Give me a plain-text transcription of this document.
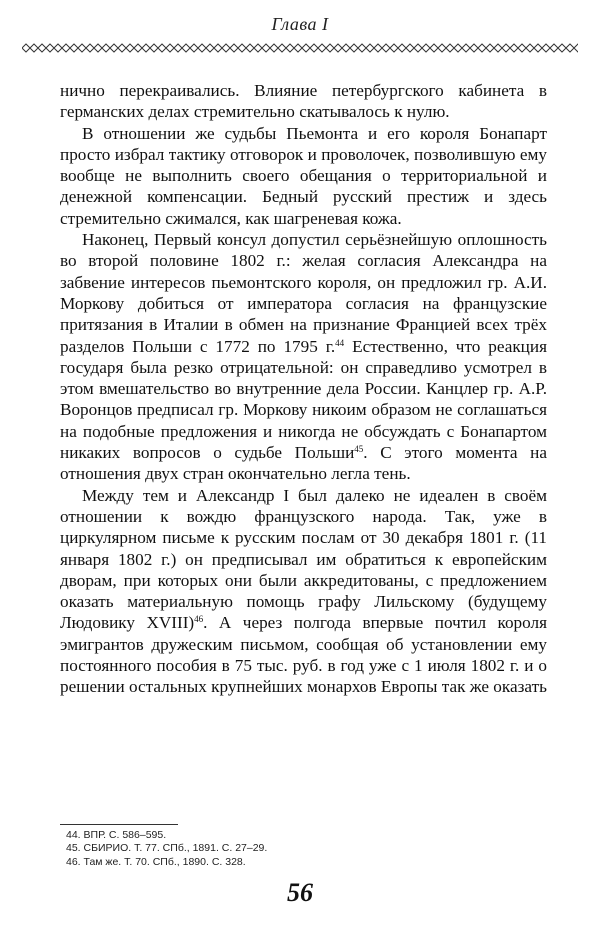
Глава I

нично перекраивались. Влияние петербургского кабинета в германских делах стремительно скатывалось к нулю.

В отношении же судьбы Пьемонта и его короля Бонапарт просто избрал тактику отговорок и проволочек, позволившую ему вообще не выполнить своего обещания о территориальной и денежной компенсации. Бедный русский престиж и здесь стремительно сжимался, как шагреневая кожа.

Наконец, Первый консул допустил серьёзнейшую оплошность во второй половине 1802 г.: желая согласия Александра на забвение интересов пьемонтского короля, он предложил гр. А.И. Моркову добиться от императора согласия на французские притязания в Италии в обмен на признание Францией всех трёх разделов Польши с 1772 по 1795 г.$^{44}$ Естественно, что реакция государя была резко отрицательной: он справедливо усмотрел в этом вмешательство во внутренние дела России. Канцлер гр. А.Р. Воронцов предписал гр. Моркову никоим образом не соглашаться на подобные предложения и никогда не обсуждать с Бонапартом никаких вопросов о судьбе Польши$^{45}$. С этого момента на отношения двух стран окончательно легла тень.

Между тем и Александр I был далеко не идеален в своём отношении к вождю французского народа. Так, уже в циркулярном письме к русским послам от 30 декабря 1801 г. (11 января 1802 г.) он предписывал им обратиться к европейским дворам, при которых они были аккредитованы, с предложением оказать материальную помощь графу Лильскому (будущему Людовику XVIII)$^{46}$. А через полгода впервые почтил короля эмигрантов дружеским письмом, сообщая об установлении ему постоянного пособия в 75 тыс. руб. в год уже с 1 июля 1802 г. и о решении остальных крупнейших монархов Европы так же оказать

44. ВПР. С. 586–595.
45. СБИРИО. Т. 77. СПб., 1891. С. 27–29.
46. Там же. Т. 70. СПб., 1890. С. 328.
56
